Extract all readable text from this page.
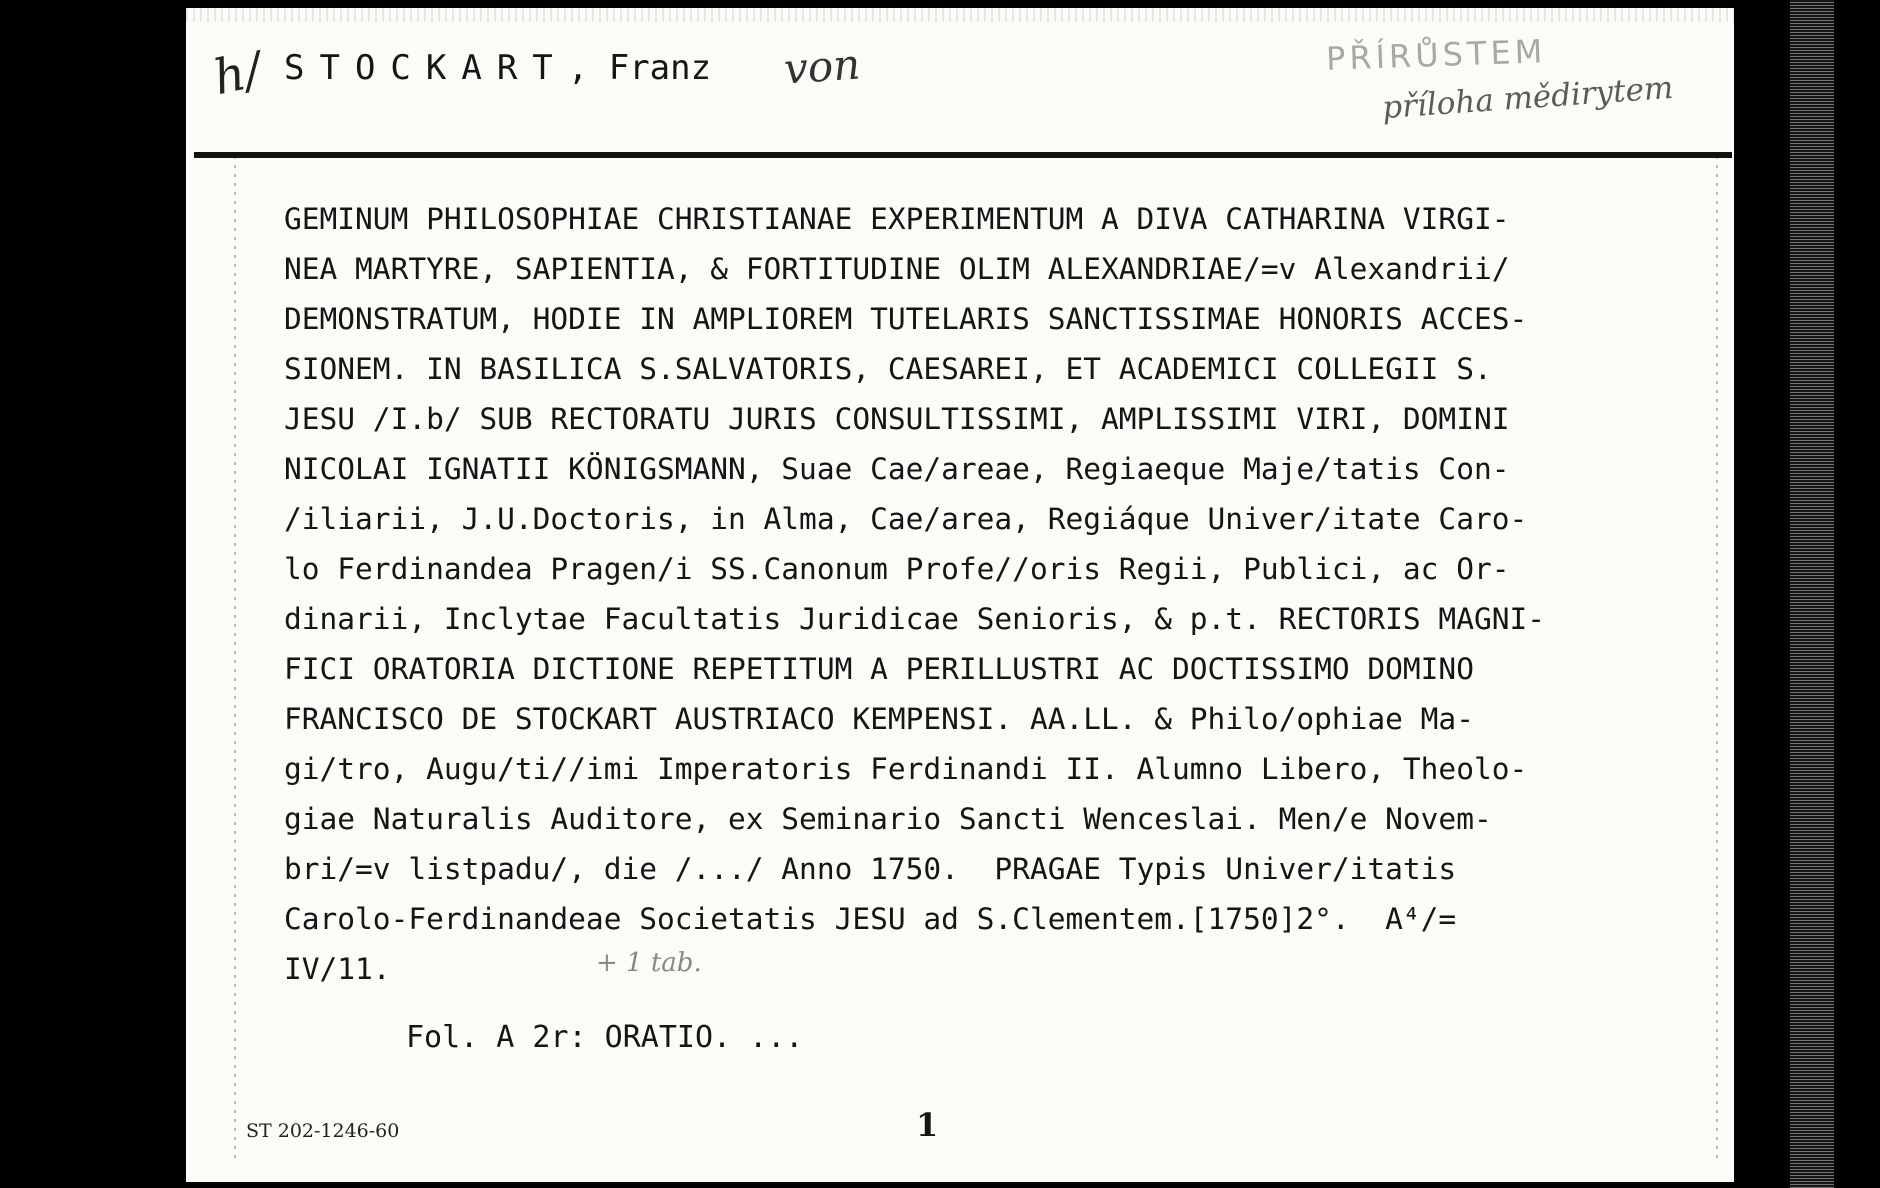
h/ STOCKART, Franz von	PŘÍRŮSTEM
příloha mědirytem
GEMINUM PHILOSOPHIAE CHRISTIANAE EXPERIMENTUM A DIVA CATHARINA VIRGI-
NEA MARTYRE, SAPIENTIA, & FORTITUDINE OLIM ALEXANDRIAE/=v Alexandrii/
DEMONSTRATUM, HODIE IN AMPLIOREM TUTELARIS SANCTISSIMAE HONORIS ACCES-
SIONEM. IN BASILICA S.SALVATORIS, CAESAREI, ET ACADEMICI COLLEGII S.
JESU /I.b/ SUB RECTORATU JURIS CONSULTISSIMI, AMPLISSIMI VIRI, DOMINI
NICOLAI IGNATII KÖNIGSMANN, Suae Cae/areae, Regiaeque Maje/tatis Con-
/iliarii, J.U.Doctoris, in Alma, Cae/area, Regiáque Univer/itate Caro-
lo Ferdinandea Pragen/i SS.Canonum Profe//oris Regii, Publici, ac Or-
dinarii, Inclytae Facultatis Juridicae Senioris, & p.t. RECTORIS MAGNI-
FICI ORATORIA DICTIONE REPETITUM A PERILLUSTRI AC DOCTISSIMO DOMINO
FRANCISCO DE STOCKART AUSTRIACO KEMPENSI. AA.LL. & Philo/ophiae Ma-
gi/tro, Augu/ti//imi Imperatoris Ferdinandi II. Alumno Libero, Theolo-
giae Naturalis Auditore, ex Seminario Sancti Wenceslai. Men/e Novem-
bri/=v listpadu/, die /.../ Anno 1750.  PRAGAE Typis Univer/itatis
Carolo-Ferdinandeae Societatis JESU ad S.Clementem.[1750]2°.  A⁴/=
IV/11.	+ 1 tab.
Fol. A 2r: ORATIO. ...
ST 202-1246-60	1
